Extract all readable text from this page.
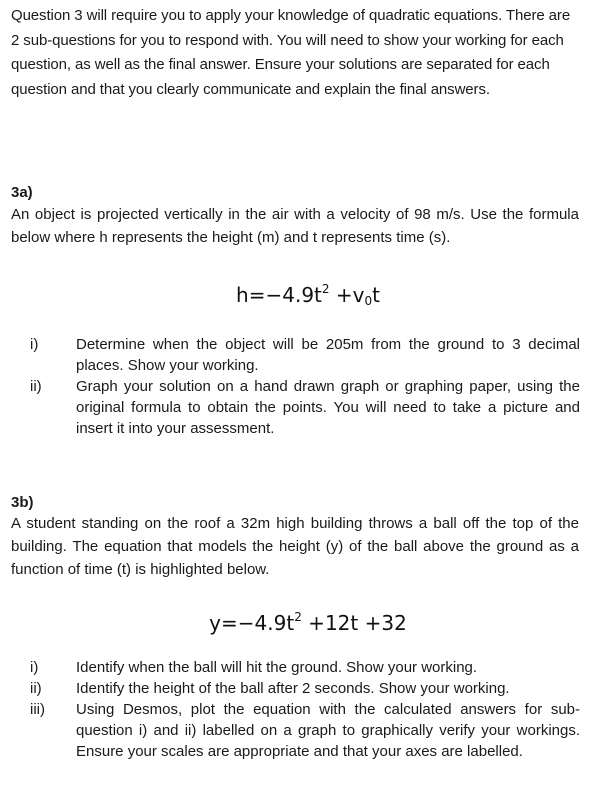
Question 3 will require you to apply your knowledge of quadratic equations. There are 2 sub-questions for you to respond with. You will need to show your working for each question, as well as the final answer. Ensure your solutions are separated for each question and that you clearly communicate and explain the final answers.
3a)
An object is projected vertically in the air with a velocity of 98 m/s. Use the formula below where h represents the height (m) and t represents time (s).
$h=-4.9t^2 +v_0t$
i)	Determine when the object will be 205m from the ground to 3 decimal places. Show your working.
ii)	Graph your solution on a hand drawn graph or graphing paper, using the original formula to obtain the points. You will need to take a picture and insert it into your assessment.
3b)
A student standing on the roof a 32m high building throws a ball off the top of the building. The equation that models the height (y) of the ball above the ground as a function of time (t) is highlighted below.
$y=-4.9t^2 +12t +32$
i)	Identify when the ball will hit the ground. Show your working.
ii)	Identify the height of the ball after 2 seconds. Show your working.
iii)	Using Desmos, plot the equation with the calculated answers for sub-question i) and ii) labelled on a graph to graphically verify your workings. Ensure your scales are appropriate and that your axes are labelled.
